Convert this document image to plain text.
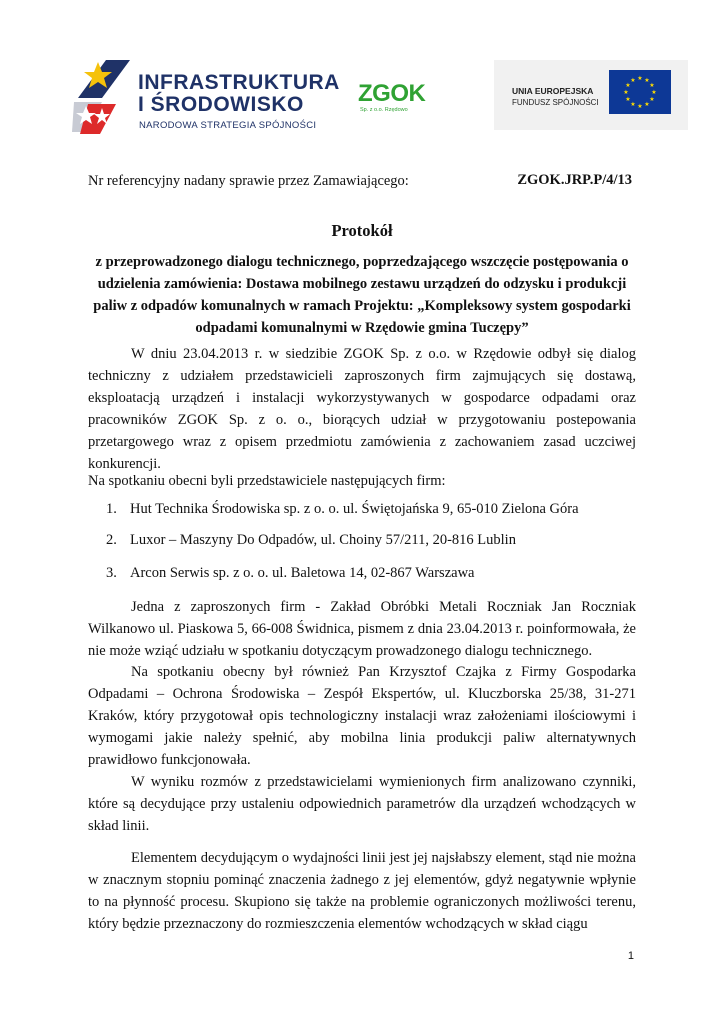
INFRASTRUKTURA
I ŚRODOWISKO
NARODOWA STRATEGIA SPÓJNOŚCI
ZGOK
Sp. z o.o. Rzędowo
UNIA EUROPEJSKA
FUNDUSZ SPÓJNOŚCI
★ ★
★
★
★
★
★
★
★
★
★
★
Nr referencyjny nadany sprawie przez Zamawiającego:	ZGOK.JRP.P/4/13
Protokół
z przeprowadzonego dialogu technicznego, poprzedzającego wszczęcie postępowania o udzielenia zamówienia: Dostawa mobilnego zestawu urządzeń do odzysku i produkcji paliw z odpadów komunalnych w ramach Projektu: „Kompleksowy system gospodarki odpadami komunalnymi w Rzędowie gmina Tuczępy”

W dniu 23.04.2013 r. w siedzibie ZGOK Sp. z o.o. w Rzędowie odbył się dialog techniczny z udziałem przedstawicieli zaproszonych firm zajmujących się dostawą, eksploatacją urządzeń i instalacji wykorzystywanych w gospodarce odpadami oraz pracowników ZGOK Sp. z o. o., biorących udział w przygotowaniu postepowania przetargowego wraz z opisem przedmiotu zamówienia z zachowaniem zasad uczciwej konkurencji.

Na spotkaniu obecni byli przedstawiciele następujących firm:

1. Hut Technika Środowiska sp. z o. o. ul. Świętojańska 9, 65-010 Zielona Góra
2. Luxor – Maszyny Do Odpadów, ul. Choiny 57/211, 20-816 Lublin
3. Arcon Serwis sp. z o. o. ul. Baletowa 14, 02-867 Warszawa

Jedna z zaproszonych firm - Zakład Obróbki Metali Roczniak Jan Roczniak Wilkanowo ul. Piaskowa 5, 66-008 Świdnica, pismem z dnia 23.04.2013 r. poinformowała, że nie może wziąć udziału w spotkaniu dotyczącym prowadzonego dialogu technicznego.

Na spotkaniu obecny był również Pan Krzysztof Czajka z Firmy Gospodarka Odpadami – Ochrona Środowiska – Zespół Ekspertów, ul. Kluczborska 25/38, 31-271 Kraków, który przygotował opis technologiczny instalacji wraz założeniami ilościowymi i wymogami jakie należy spełnić, aby mobilna linia produkcji paliw alternatywnych prawidłowo funkcjonowała.

W wyniku rozmów z przedstawicielami wymienionych firm analizowano czynniki, które są decydujące przy ustaleniu odpowiednich parametrów dla urządzeń wchodzących w skład linii.

Elementem decydującym o wydajności linii jest jej najsłabszy element, stąd nie można w znacznym stopniu pominąć znaczenia żadnego z jej elementów, gdyż negatywnie wpłynie to na płynność procesu. Skupiono się także na problemie ograniczonych możliwości terenu, który będzie przeznaczony do rozmieszczenia elementów wchodzących w skład ciągu

1
